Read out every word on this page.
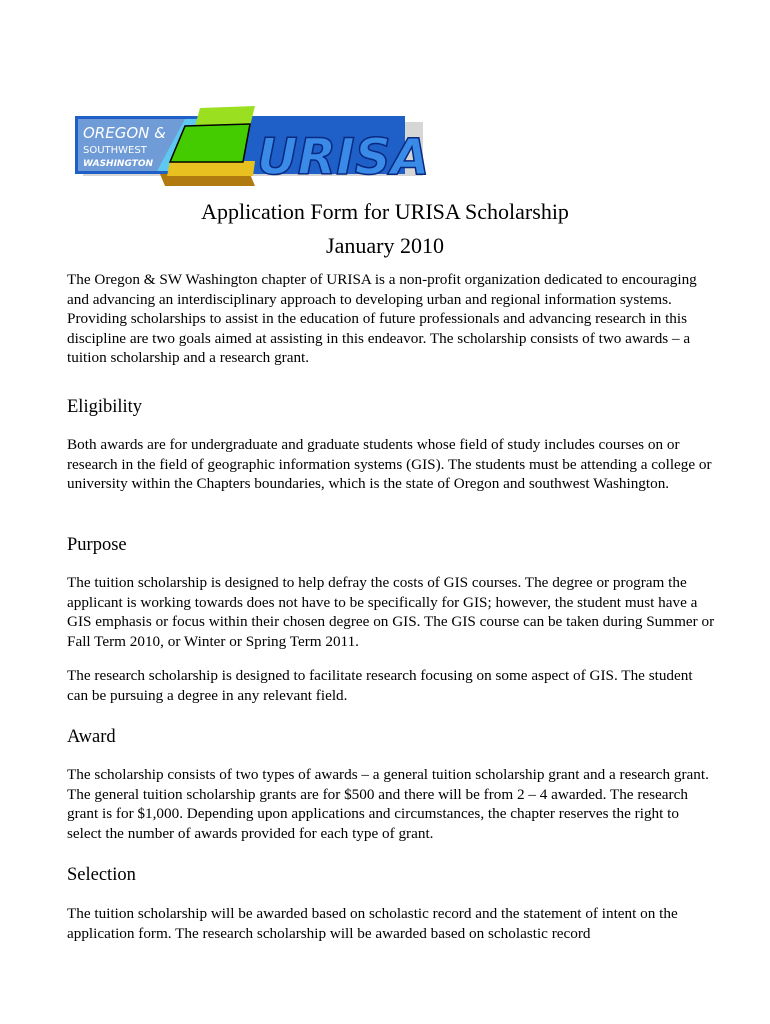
OREGON &
SOUTHWEST
WASHINGTON URISA
Application Form for URISA Scholarship
January 2010
The Oregon & SW Washington chapter of URISA is a non-profit organization dedicated to encouraging and advancing an interdisciplinary approach to developing urban and regional information systems. Providing scholarships to assist in the education of future professionals and advancing research in this discipline are two goals aimed at assisting in this endeavor. The scholarship consists of two awards – a tuition scholarship and a research grant.
Eligibility
Both awards are for undergraduate and graduate students whose field of study includes courses on or research in the field of geographic information systems (GIS). The students must be attending a college or university within the Chapters boundaries, which is the state of Oregon and southwest Washington.
Purpose
The tuition scholarship is designed to help defray the costs of GIS courses. The degree or program the applicant is working towards does not have to be specifically for GIS; however, the student must have a GIS emphasis or focus within their chosen degree on GIS. The GIS course can be taken during Summer or Fall Term 2010, or Winter or Spring Term 2011.
The research scholarship is designed to facilitate research focusing on some aspect of GIS. The student can be pursuing a degree in any relevant field.
Award
The scholarship consists of two types of awards – a general tuition scholarship grant and a research grant. The general tuition scholarship grants are for $500 and there will be from 2 – 4 awarded. The research grant is for $1,000. Depending upon applications and circumstances, the chapter reserves the right to select the number of awards provided for each type of grant.
Selection
The tuition scholarship will be awarded based on scholastic record and the statement of intent on the application form. The research scholarship will be awarded based on scholastic record
